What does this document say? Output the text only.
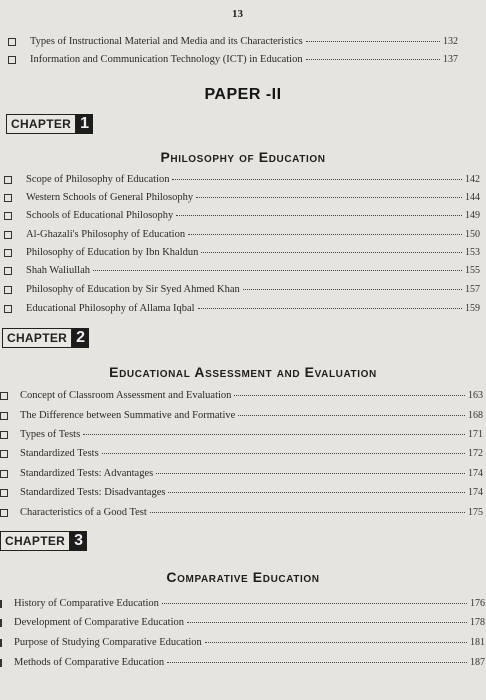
13
Types of Instructional Material and Media and its Characteristics	132
Information and Communication Technology (ICT) in Education	137
PAPER -II
CHAPTER 1
Philosophy of Education
Scope of Philosophy of Education	142
Western Schools of General Philosophy	144
Schools of Educational Philosophy	149
Al-Ghazali's Philosophy of Education	150
Philosophy of Education by Ibn Khaldun	153
Shah Waliullah	155
Philosophy of Education by Sir Syed Ahmed Khan	157
Educational Philosophy of Allama Iqbal	159
CHAPTER 2
Educational Assessment and Evaluation
Concept of Classroom Assessment and Evaluation	163
The Difference between Summative and Formative	168
Types of Tests	171
Standardized Tests	172
Standardized Tests: Advantages	174
Standardized Tests: Disadvantages	174
Characteristics of a Good Test	175
CHAPTER 3
Comparative Education
History of Comparative Education	176
Development of Comparative Education	178
Purpose of Studying Comparative Education	181
Methods of Comparative Education	187
